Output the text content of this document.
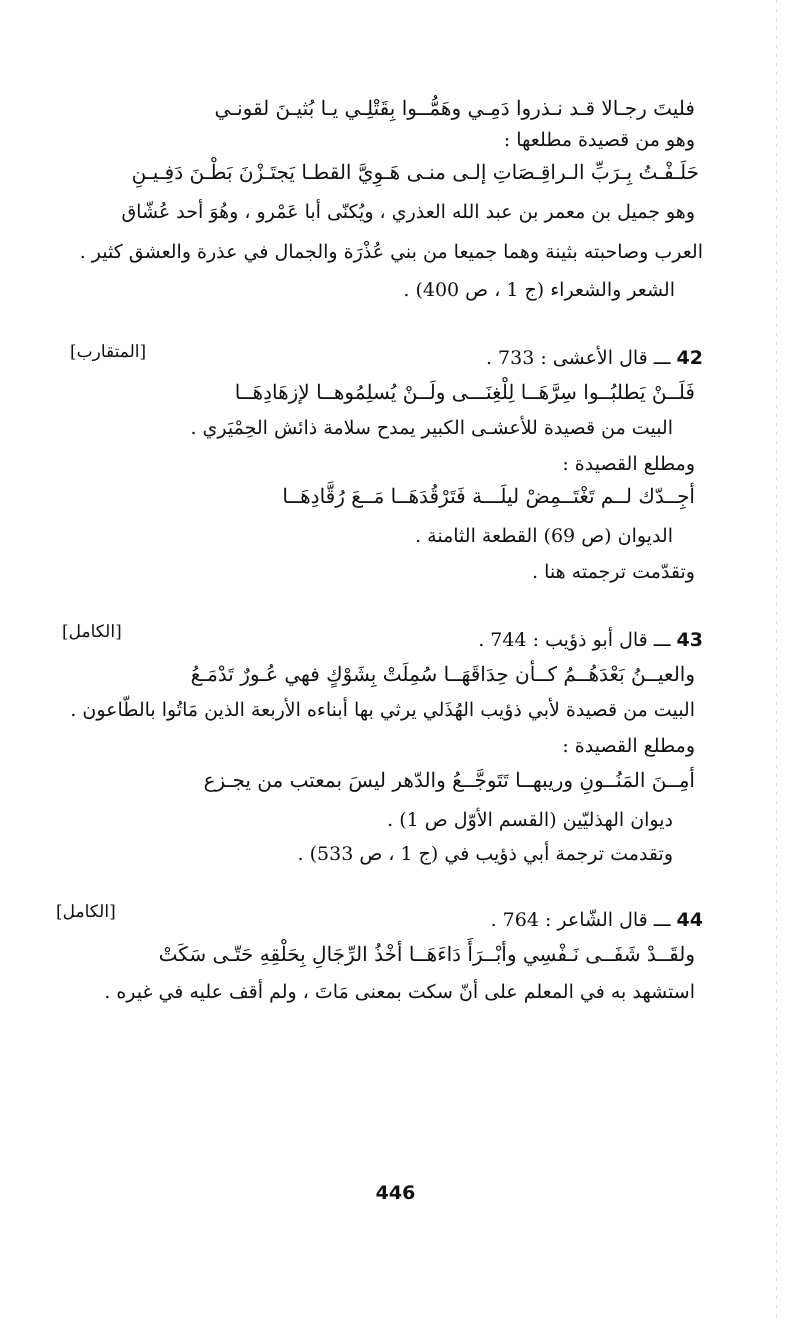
فليتَ رجـالا قـد نـذروا دَمِـي وهَمُّــوا بِقَتْلِـي يـا بُثيـنَ لقونـي
وهو من قصيدة مطلعها :
حَلَـفْـتُ بِـرَبِّ الـراقِـصَاتِ إلـى منـى هَـوِيَّ القطـا يَجتَـزْنَ بَطْـنَ دَفِـيـنِ
وهو جميل بن معمر بن عبد الله العذري ، ويُكنّى أبا عَمْرو ، وهُوَ أحد عُشّاق
العرب وصاحبته بثينة وهما جميعا من بني عُذْرَة والجمال في عذرة والعشق كثير .
الشعر والشعراء (ج 1 ، ص 400) .
[المتقارب]	42 ـــ قال الأعشى : 733 .
فَلَــنْ يَطلبُــوا سِرَّهَــا لِلْغِنَـــى ولَــنْ يُسلِمُوهــا لإزهَادِهَــا
البيت من قصيدة للأعشـى الكبير يمدح سلامة ذائش الحِمْيَري .
ومطلع القصيدة :
أجِــدّك لــم تَغْتَــمِضْ ليلَـــة فَتَرْقُدَهَــا مَــعَ رُقَّادِهَــا
الديوان (ص 69) القطعة الثامنة .
وتقدّمت ترجمته هنا .
[الكامل]	43 ـــ قال أبو ذؤيب : 744 .
والعيــنُ بَعْدَهُــمُ كــأن حِدَاقَهَــا سُمِلَتْ بِشَوْكٍ فهي عُـورٌ تَدْمَـعُ
البيت من قصيدة لأبي ذؤيب الهُذَلي يرثي بها أبناءه الأربعة الذين مَاتُوا بالطّاعون .
ومطلع القصيدة :
أمِــنَ المَنُــونِ وريبهــا تَتَوجَّــعُ والدّهر ليسَ بمعتب من يجـزع
ديوان الهذليّين (القسم الأوّل ص 1) .
وتقدمت ترجمة أبي ذؤيب في (ج 1 ، ص 533) .
[الكامل]	44 ـــ قال الشّاعر : 764 .
ولقَــدْ شَفَــى نَـفْسِي وأبْــرَأَ دَاءَهَــا أخْذُ الرِّجَالِ بِحَلْقِهِ حَتّـى سَكَتْ
استشهد به في المعلم على أنّ سكت بمعنى مَاتَ ، ولم أقف عليه في غيره .
446
